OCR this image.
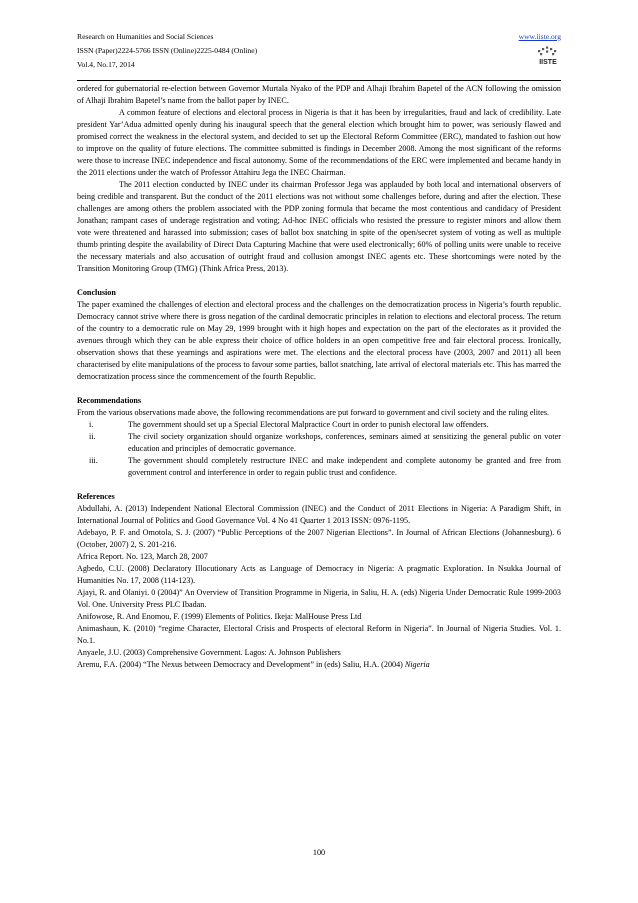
Research on Humanities and Social Sciences	www.iiste.org
ISSN (Paper)2224-5766 ISSN (Online)2225-0484 (Online)
Vol.4, No.17, 2014	IISTE

ordered for gubernatorial re-election between Governor Murtala Nyako of the PDP and Alhaji Ibrahim Bapetel of the ACN following the omission of Alhaji Ibrahim Bapetel’s name from the ballot paper by INEC.

A common feature of elections and electoral process in Nigeria is that it has been by irregularities, fraud and lack of credibility. Late president Yar’Adua admitted openly during his inaugural speech that the general election which brought him to power, was seriously flawed and promised correct the weakness in the electoral system, and decided to set up the Electoral Reform Committee (ERC), mandated to fashion out how to improve on the quality of future elections. The committee submitted is findings in December 2008. Among the most significant of the reforms were those to increase INEC independence and fiscal autonomy. Some of the recommendations of the ERC were implemented and became handy in the 2011 elections under the watch of Professor Attahiru Jega the INEC Chairman.

The 2011 election conducted by INEC under its chairman Professor Jega was applauded by both local and international observers of being credible and transparent. But the conduct of the 2011 elections was not without some challenges before, during and after the election. These challenges are among others the problem associated with the PDP zoning formula that became the most contentious and candidacy of President Jonathan; rampant cases of underage registration and voting; Ad-hoc INEC officials who resisted the pressure to register minors and allow them vote were threatened and harassed into submission; cases of ballot box snatching in spite of the open/secret system of voting as well as multiple thumb printing despite the availability of Direct Data Capturing Machine that were used electronically; 60% of polling units were unable to receive the necessary materials and also accusation of outright fraud and collusion amongst INEC agents etc. These shortcomings were noted by the Transition Monitoring Group (TMG) (Think Africa Press, 2013).

Conclusion

The paper examined the challenges of election and electoral process and the challenges on the democratization process in Nigeria’s fourth republic. Democracy cannot strive where there is gross negation of the cardinal democratic principles in relation to elections and electoral process. The return of the country to a democratic rule on May 29, 1999 brought with it high hopes and expectation on the part of the electorates as it provided the avenues through which they can be able express their choice of office holders in an open competitive free and fair electoral process. Ironically, observation shows that these yearnings and aspirations were met. The elections and the electoral process have (2003, 2007 and 2011) all been characterised by elite manipulations of the process to favour some parties, ballot snatching, late arrival of electoral materials etc. This has marred the democratization process since the commencement of the fourth Republic.

Recommendations

From the various observations made above, the following recommendations are put forward to government and civil society and the ruling elites.

i.	The government should set up a Special Electoral Malpractice Court in order to punish electoral law offenders.
ii.	The civil society organization should organize workshops, conferences, seminars aimed at sensitizing the general public on voter education and principles of democratic governance.
iii.	The government should completely restructure INEC and make independent and complete autonomy be granted and free from government control and interference in order to regain public trust and confidence.

References

Abdullahi, A. (2013) Independent National Electoral Commission (INEC) and the Conduct of 2011 Elections in Nigeria: A Paradigm Shift, in International Journal of Politics and Good Governance Vol. 4 No 41 Quarter 1 2013 ISSN: 0976-1195.

Adebayo, P. F. and Omotola, S. J. (2007) “Public Perceptions of the 2007 Nigerian Elections”. In Journal of African Elections (Johannesburg). 6 (October, 2007) 2, S. 201-216.

Africa Report. No. 123, March 28, 2007

Agbedo, C.U. (2008) Declaratory Illocutionary Acts as Language of Democracy in Nigeria: A pragmatic Exploration. In Nsukka Journal of Humanities No. 17, 2008 (114-123).

Ajayi, R. and Olaniyi. 0 (2004)” An Overview of Transition Programme in Nigeria, in Saliu, H. A. (eds) Nigeria Under Democratic Rule 1999-2003 Vol. One. University Press PLC Ibadan.

Anifowose, R. And Enomou, F. (1999) Elements of Politics. Ikeja: MalHouse Press Ltd

Animashaun, K. (2010) “regime Character, Electoral Crisis and Prospects of electoral Reform in Nigeria”. In Journal of Nigeria Studies. Vol. 1. No.1.

Anyaele, J.U. (2003) Comprehensive Government. Lagos: A. Johnson Publishers

Aremu, F.A. (2004) “The Nexus between Democracy and Development” in (eds) Saliu, H.A. (2004) Nigeria

100
